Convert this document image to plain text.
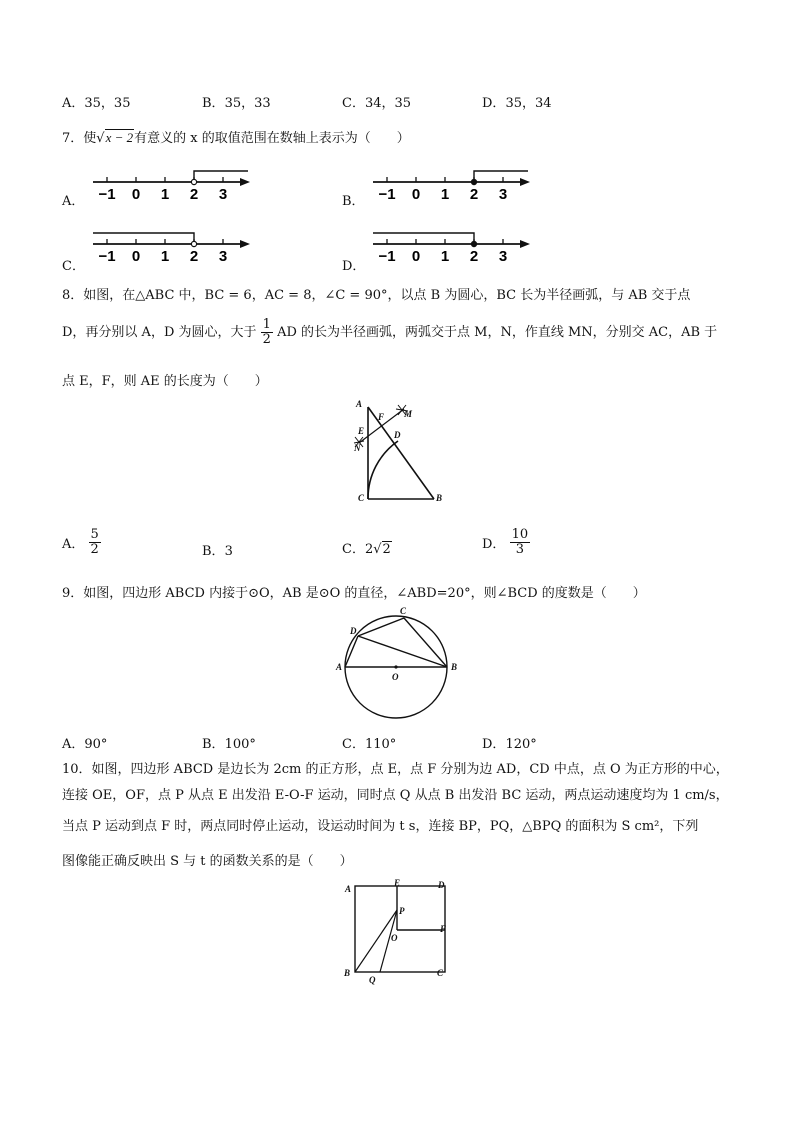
A．35，35	B．35，33	C．34，35	D．35，34
7．使√x − 2有意义的 x 的取值范围在数轴上表示为（　　）
A． −1 0 1 2 3	B． −1 0 1 2 3
C．
−1 0 1 2 3
D．
−1 0 1 2 3
8．如图，在△ABC 中，BC = 6，AC = 8，∠C = 90°，以点 B 为圆心，BC 长为半径画弧，与 AB 交于点
D，再分别以 A，D 为圆心，大于 $\frac{1}{2}$ AD 的长为半径画弧，两弧交于点 M，N，作直线 MN，分别交 AC，AB 于
点 E，F，则 AE 的长度为（　　）
A
F M
E
N
D
C	B
A． $\frac{5}{2}$	B．3	C．2√2	D． $\frac{10}{3}$
9．如图，四边形 ABCD 内接于⊙O，AB 是⊙O 的直径，∠ABD=20°，则∠BCD 的度数是（　　）
A	B
C
D
O
A．90°	B．100°	C．110°	D．120°
10．如图，四边形 ABCD 是边长为 2cm 的正方形，点 E，点 F 分别为边 AD，CD 中点，点 O 为正方形的中心，
连接 OE，OF，点 P 从点 E 出发沿 E-O-F 运动，同时点 Q 从点 B 出发沿 BC 运动，两点运动速度均为 1 cm/s，
当点 P 运动到点 F 时，两点同时停止运动，设运动时间为 t s，连接 BP，PQ，△BPQ 的面积为 S cm²，下列
图像能正确反映出 S 与 t 的函数关系的是（　　）
A
E	D
P
O
F
B
Q
C
